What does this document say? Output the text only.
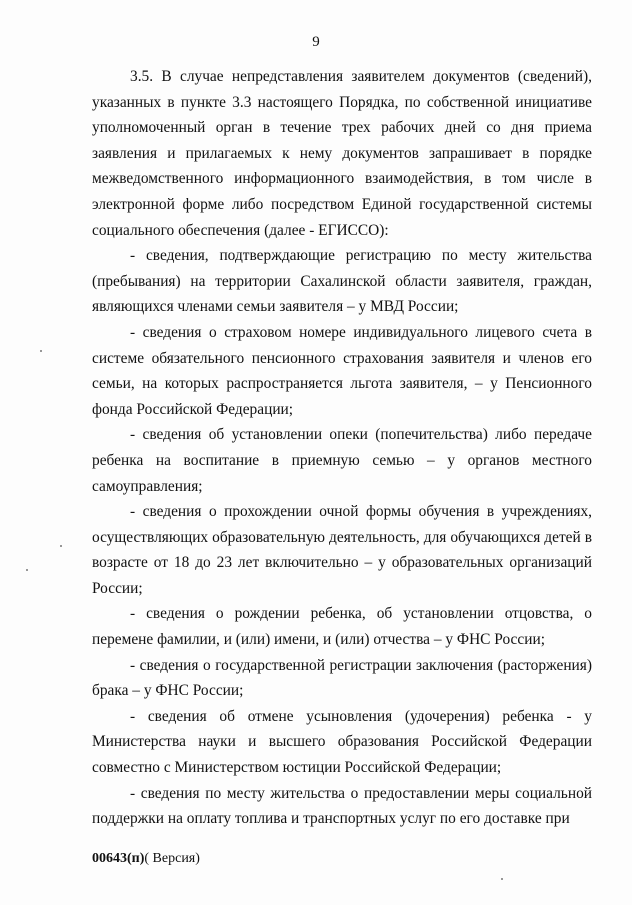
9

3.5. В случае непредставления заявителем документов (сведений), указанных в пункте 3.3 настоящего Порядка, по собственной инициативе уполномоченный орган в течение трех рабочих дней со дня приема заявления и прилагаемых к нему документов запрашивает в порядке межведомственного информационного взаимодействия, в том числе в электронной форме либо посредством Единой государственной системы социального обеспечения (далее - ЕГИССО):

- сведения, подтверждающие регистрацию по месту жительства (пребывания) на территории Сахалинской области заявителя, граждан, являющихся членами семьи заявителя – у МВД России;

- сведения о страховом номере индивидуального лицевого счета в системе обязательного пенсионного страхования заявителя и членов его семьи, на которых распространяется льгота заявителя, – у Пенсионного фонда Российской Федерации;

- сведения об установлении опеки (попечительства) либо передаче ребенка на воспитание в приемную семью – у органов местного самоуправления;

- сведения о прохождении очной формы обучения в учреждениях, осуществляющих образовательную деятельность, для обучающихся детей в возрасте от 18 до 23 лет включительно – у образовательных организаций России;

- сведения о рождении ребенка, об установлении отцовства, о перемене фамилии, и (или) имени, и (или) отчества – у ФНС России;

- сведения о государственной регистрации заключения (расторжения) брака – у ФНС России;

- сведения об отмене усыновления (удочерения) ребенка - у Министерства науки и высшего образования Российской Федерации совместно с Министерством юстиции Российской Федерации;

- сведения по месту жительства о предоставлении меры социальной поддержки на оплату топлива и транспортных услуг по его доставке при

00643(п)( Версия)
